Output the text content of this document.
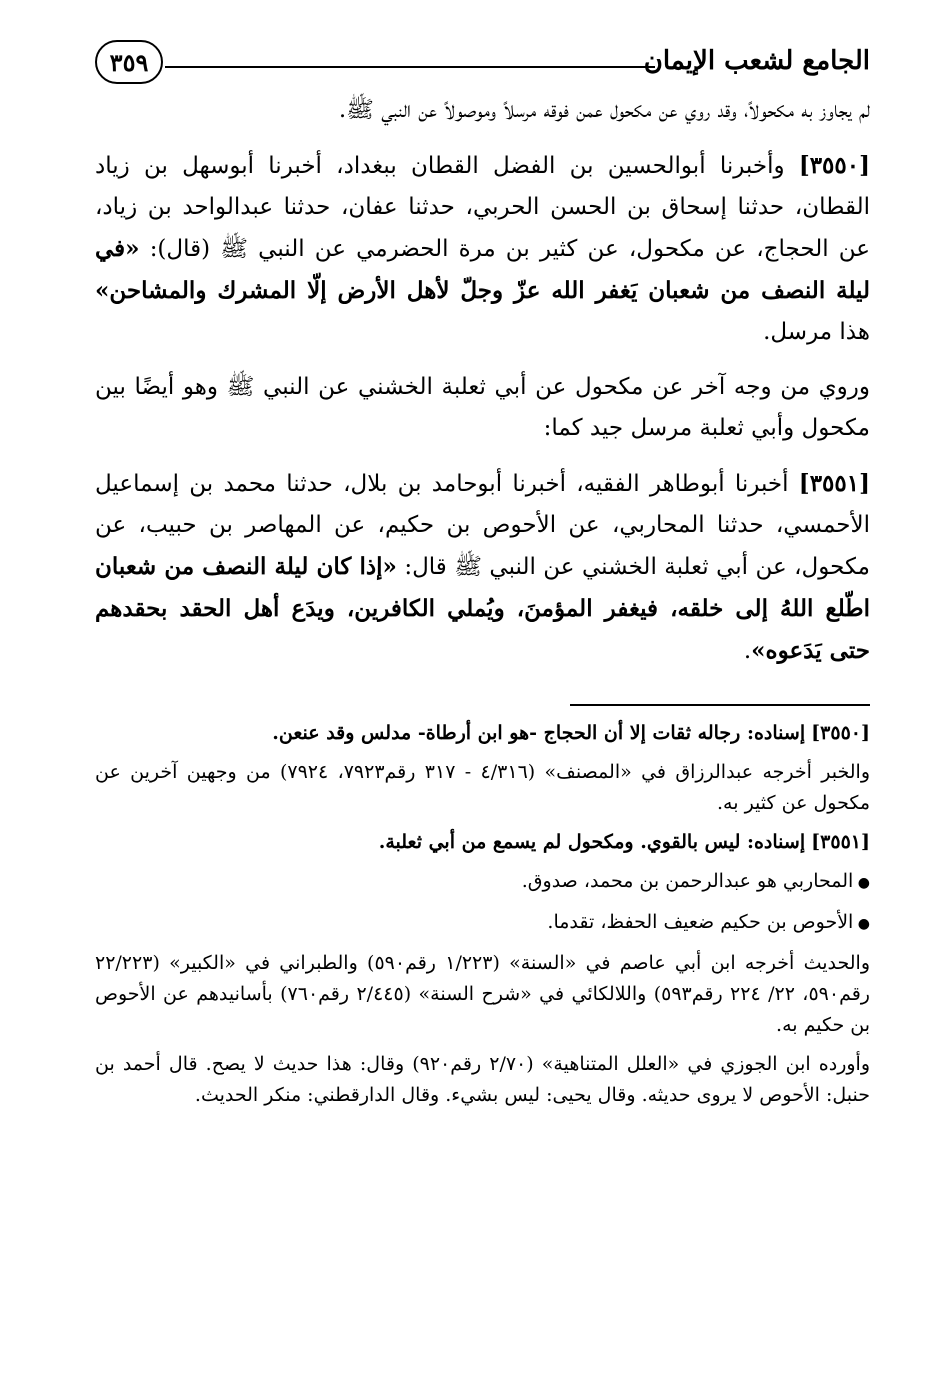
الجامع لشعب الإيمان
٣٥٩

لم يجاوز به مكحولاً، وقد روي عن مكحول عمن فوقه مرسلاً وموصولاً عن النبي ﷺ.

[٣٥٥٠] وأخبرنا أبوالحسين بن الفضل القطان ببغداد، أخبرنا أبوسهل بن زياد القطان، حدثنا إسحاق بن الحسن الحربي، حدثنا عفان، حدثنا عبدالواحد بن زياد، عن الحجاج، عن مكحول، عن كثير بن مرة الحضرمي عن النبي ﷺ (قال): «في ليلة النصف من شعبان يَغفر الله عزّ وجلّ لأهل الأرض إلّا المشرك والمشاحن» هذا مرسل.

وروي من وجه آخر عن مكحول عن أبي ثعلبة الخشني عن النبي ﷺ وهو أيضًا بين مكحول وأبي ثعلبة مرسل جيد كما:

[٣٥٥١] أخبرنا أبوطاهر الفقيه، أخبرنا أبوحامد بن بلال، حدثنا محمد بن إسماعيل الأحمسي، حدثنا المحاربي، عن الأحوص بن حكيم، عن المهاصر بن حبيب، عن مكحول، عن أبي ثعلبة الخشني عن النبي ﷺ قال: «إذا كان ليلة النصف من شعبان اطّلع اللهُ إلى خلقه، فيغفر المؤمنَ، ويُملي الكافرين، ويدَع أهل الحقد بحقدهم حتى يَدَعوه».

[٣٥٥٠] إسناده: رجاله ثقات إلا أن الحجاج -هو ابن أرطاة- مدلس وقد عنعن.

والخبر أخرجه عبدالرزاق في «المصنف» (٤/٣١٦ - ٣١٧ رقم٧٩٢٣، ٧٩٢٤) من وجهين آخرين عن مكحول عن كثير به.

[٣٥٥١] إسناده: ليس بالقوي. ومكحول لم يسمع من أبي ثعلبة.

● المحاربي هو عبدالرحمن بن محمد، صدوق.

● الأحوص بن حكيم ضعيف الحفظ، تقدما.

والحديث أخرجه ابن أبي عاصم في «السنة» (١/٢٢٣ رقم٥٩٠) والطبراني في «الكبير» (٢٢/٢٢٣ رقم٥٩٠، ٢٢/ ٢٢٤ رقم٥٩٣) واللالكائي في «شرح السنة» (٢/٤٤٥ رقم٧٦٠) بأسانيدهم عن الأحوص بن حكيم به.

وأورده ابن الجوزي في «العلل المتناهية» (٢/٧٠ رقم٩٢٠) وقال: هذا حديث لا يصح. قال أحمد بن حنبل: الأحوص لا يروى حديثه. وقال يحيى: ليس بشيء. وقال الدارقطني: منكر الحديث.
